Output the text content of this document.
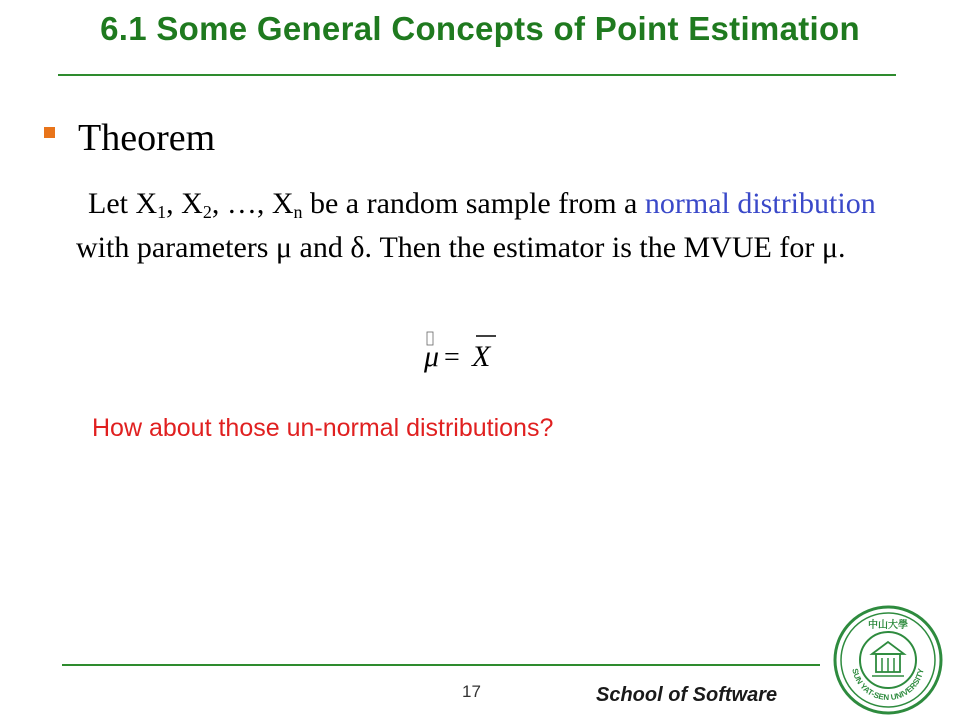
6.1 Some General Concepts of Point Estimation
Theorem
Let $X_1$, $X_2$, …, $X_n$ be a random sample from a normal distribution with parameters μ and δ. Then the estimator is the MVUE for μ.
μ = X
How about those un-normal distributions?
17	School of Software
中山大學
SUN YAT-SEN UNIVERSITY
